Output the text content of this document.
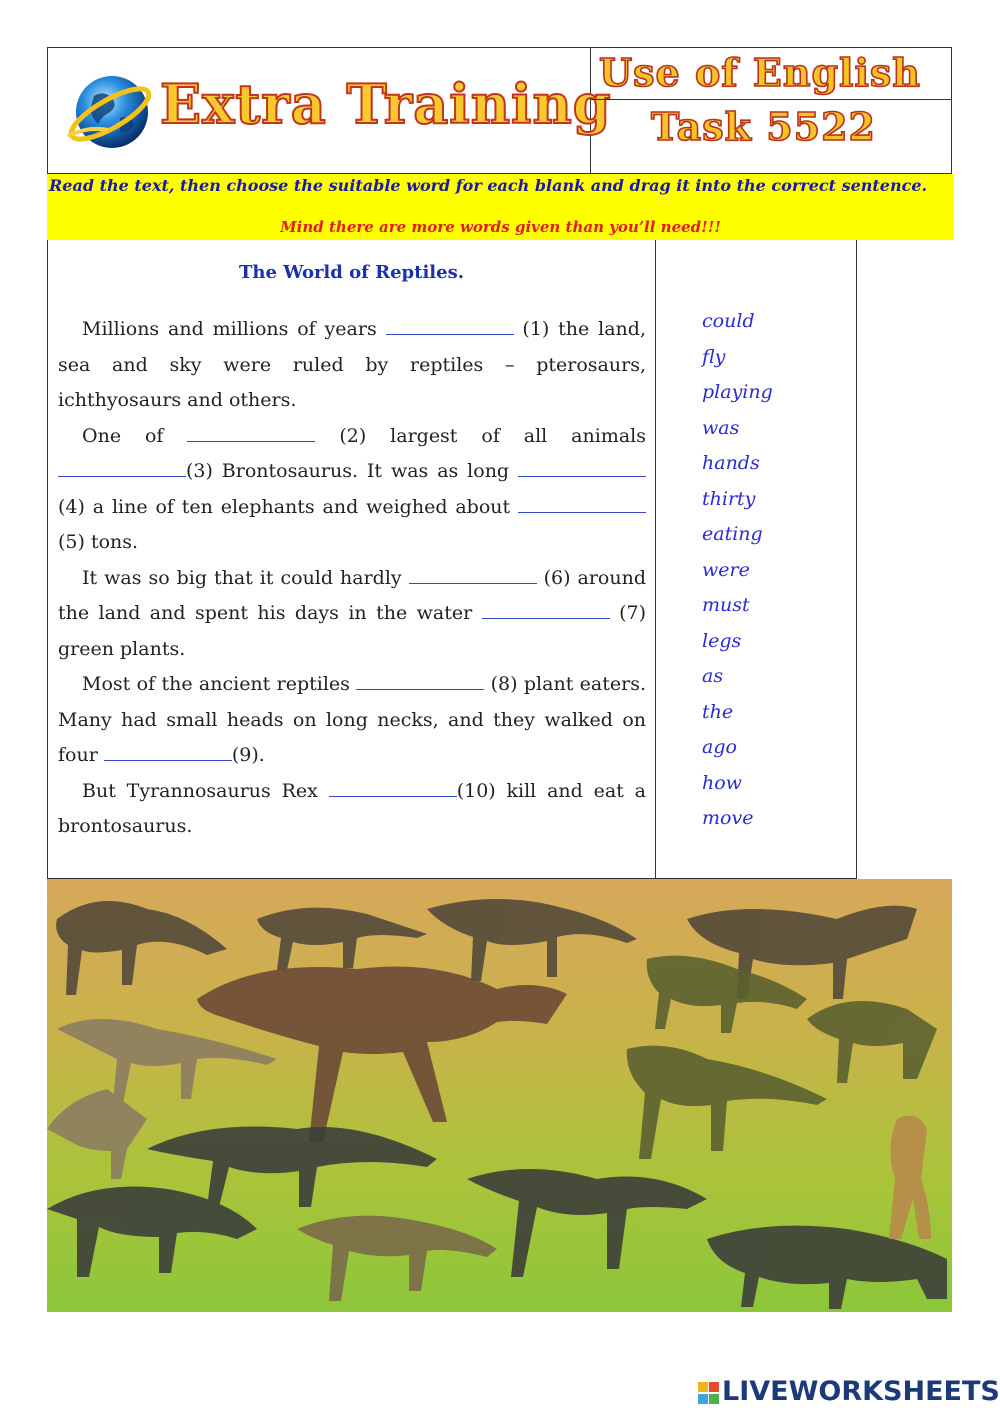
Extra Training
Use of English
Task 5522
Read the text, then choose the suitable word for each blank and drag it into the correct sentence.
Mind there are more words given than you’ll need!!!
The World of Reptiles.

Millions and millions of years	(1) the land, sea and sky were ruled by reptiles – pterosaurs, ichthyosaurs and others.

One of	(2) largest of all animals (3) Brontosaurus. It was as long (4) a line of ten elephants and weighed about  (5) tons.

It was so big that it could hardly	(6) around the land and spent his days in the water	(7) green plants.

Most of the ancient reptiles	(8) plant eaters. Many had small heads on long necks, and they walked on four	(9).

But Tyrannosaurus Rex	(10) kill and eat a brontosaurus.

could
fly
playing
was
hands
thirty
eating
were
must
legs
as
the
ago
how
move
LIVEWORKSHEETS
